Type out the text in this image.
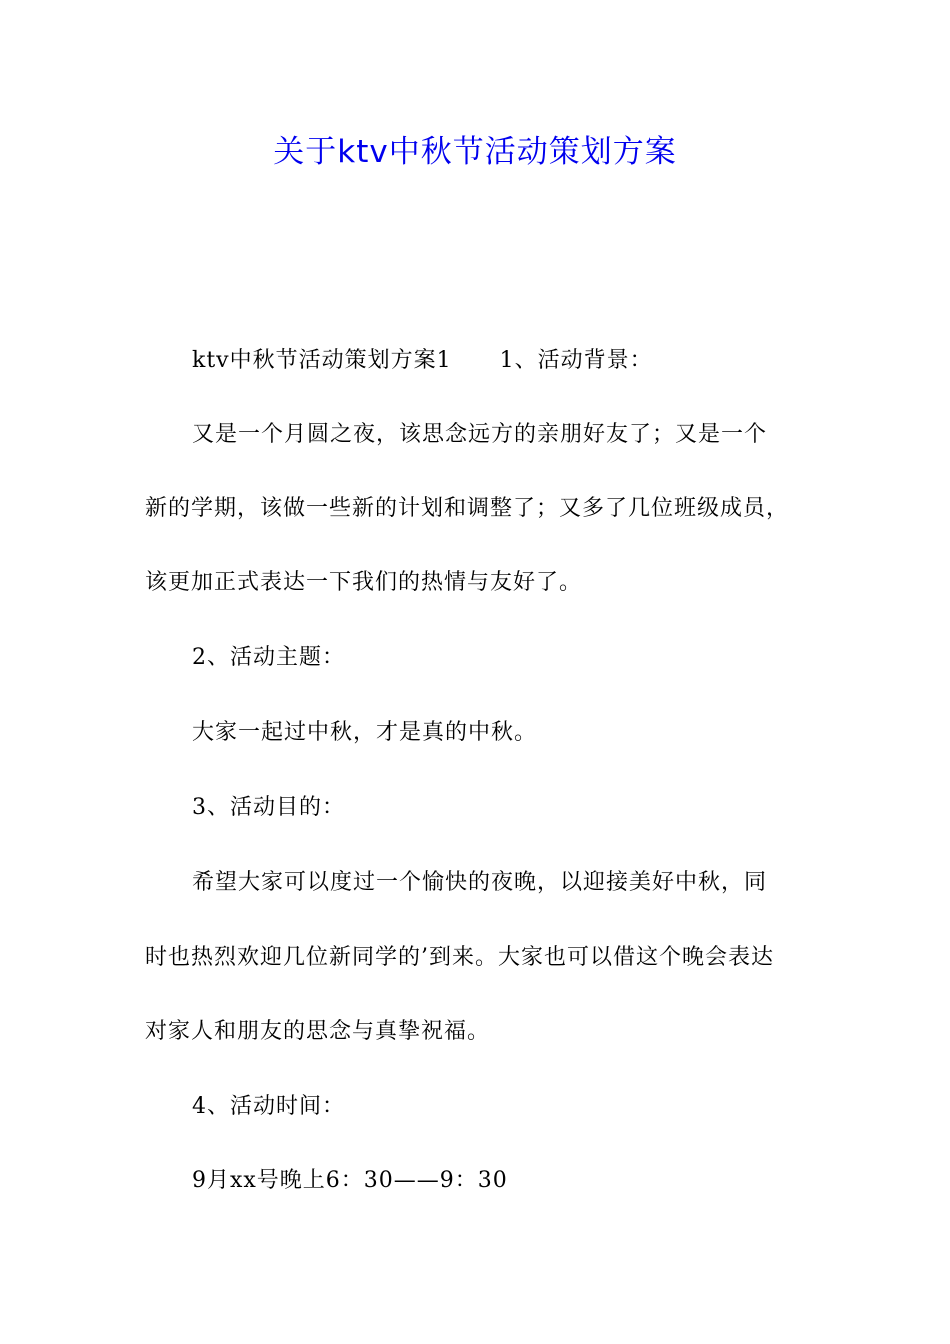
关于ktv中秋节活动策划方案
ktv中秋节活动策划方案1 1、活动背景：
又是一个月圆之夜，该思念远方的亲朋好友了；又是一个
新的学期，该做一些新的计划和调整了；又多了几位班级成员，
该更加正式表达一下我们的热情与友好了。
2、活动主题：
大家一起过中秋，才是真的中秋。
3、活动目的：
希望大家可以度过一个愉快的夜晚，以迎接美好中秋，同
时也热烈欢迎几位新同学的’到来。大家也可以借这个晚会表达
对家人和朋友的思念与真挚祝福。
4、活动时间：
9月xx号晚上6：30——9：30
